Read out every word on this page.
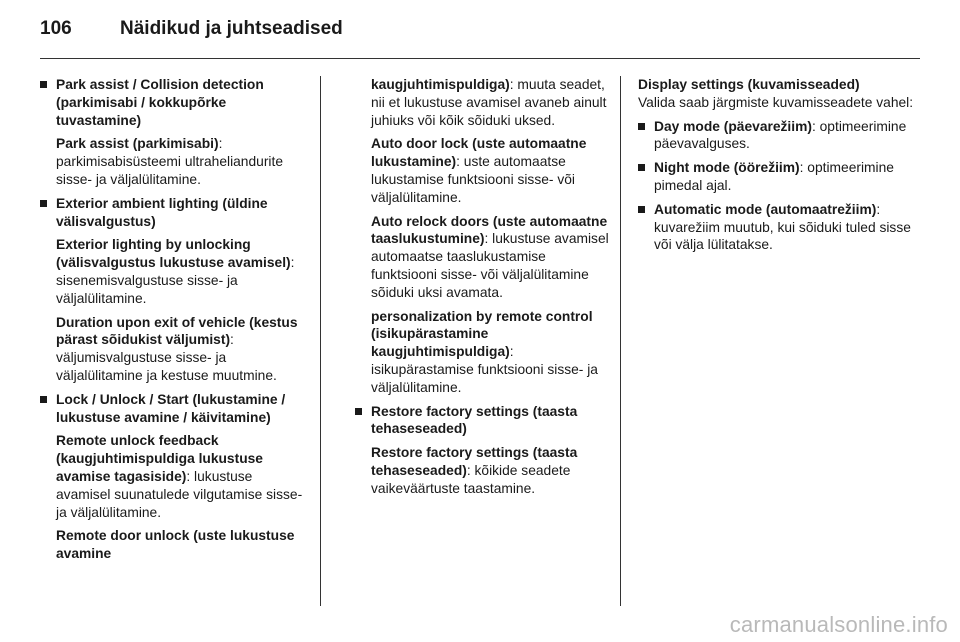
106	Näidikud ja juhtseadised

Park assist / Collision detection (parkimisabi / kokkupõrke tuvastamine)

Park assist (parkimisabi): parkimisabisüsteemi ultraheliandurite sisse- ja väljalülitamine.

Exterior ambient lighting (üldine välisvalgustus)

Exterior lighting by unlocking (välisvalgustus lukustuse avamisel): sisenemisvalgustuse sisse- ja väljalülitamine.

Duration upon exit of vehicle (kestus pärast sõidukist väljumist): väljumisvalgustuse sisse- ja väljalülitamine ja kestuse muutmine.

Lock / Unlock / Start (lukustamine / lukustuse avamine / käivitamine)

Remote unlock feedback (kaugjuhtimispuldiga lukustuse avamise tagasiside): lukustuse avamisel suunatulede vilgutamise sisse- ja väljalülitamine.

Remote door unlock (uste lukustuse avamine

kaugjuhtimispuldiga): muuta seadet, nii et lukustuse avamisel avaneb ainult juhiuks või kõik sõiduki uksed.

Auto door lock (uste automaatne lukustamine): uste automaatse lukustamise funktsiooni sisse- või väljalülitamine.

Auto relock doors (uste automaatne taaslukustumine): lukustuse avamisel automaatse taaslukustamise funktsiooni sisse- või väljalülitamine sõiduki uksi avamata.

personalization by remote control (isikupärastamine kaugjuhtimispuldiga): isikupärastamise funktsiooni sisse- ja väljalülitamine.

Restore factory settings (taasta tehaseseaded)

Restore factory settings (taasta tehaseseaded): kõikide seadete vaikeväärtuste taastamine.

Display settings (kuvamisseaded)

Valida saab järgmiste kuvamisseadete vahel:

Day mode (päevarežiim): optimeerimine päevavalguses.

Night mode (öörežiim): optimeerimine pimedal ajal.

Automatic mode (automaatrežiim): kuvarežiim muutub, kui sõiduki tuled sisse või välja lülitatakse.

carmanualsonline.info
